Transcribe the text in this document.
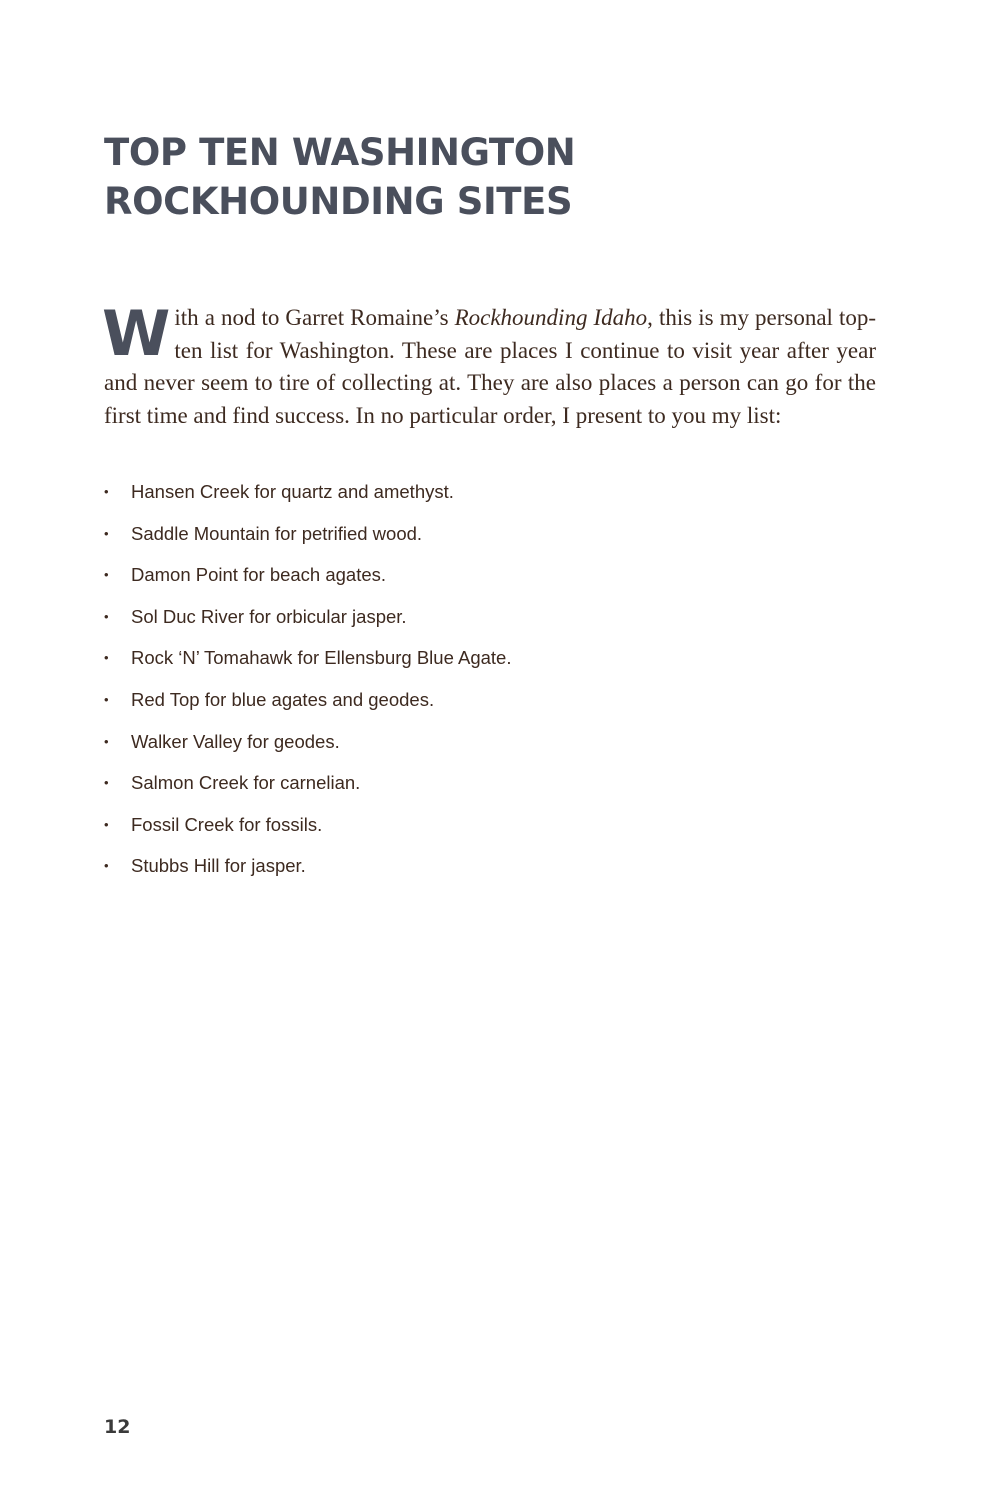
TOP TEN WASHINGTON
ROCKHOUNDING SITES

With a nod to Garret Romaine’s Rockhounding Idaho, this is my personal top-ten list for Washington. These are places I continue to visit year after year and never seem to tire of collecting at. They are also places a person can go for the first time and find success. In no particular order, I present to you my list:

• Hansen Creek for quartz and amethyst.
• Saddle Mountain for petrified wood.
• Damon Point for beach agates.
• Sol Duc River for orbicular jasper.
• Rock ‘N’ Tomahawk for Ellensburg Blue Agate.
• Red Top for blue agates and geodes.
• Walker Valley for geodes.
• Salmon Creek for carnelian.
• Fossil Creek for fossils.
• Stubbs Hill for jasper.
12
